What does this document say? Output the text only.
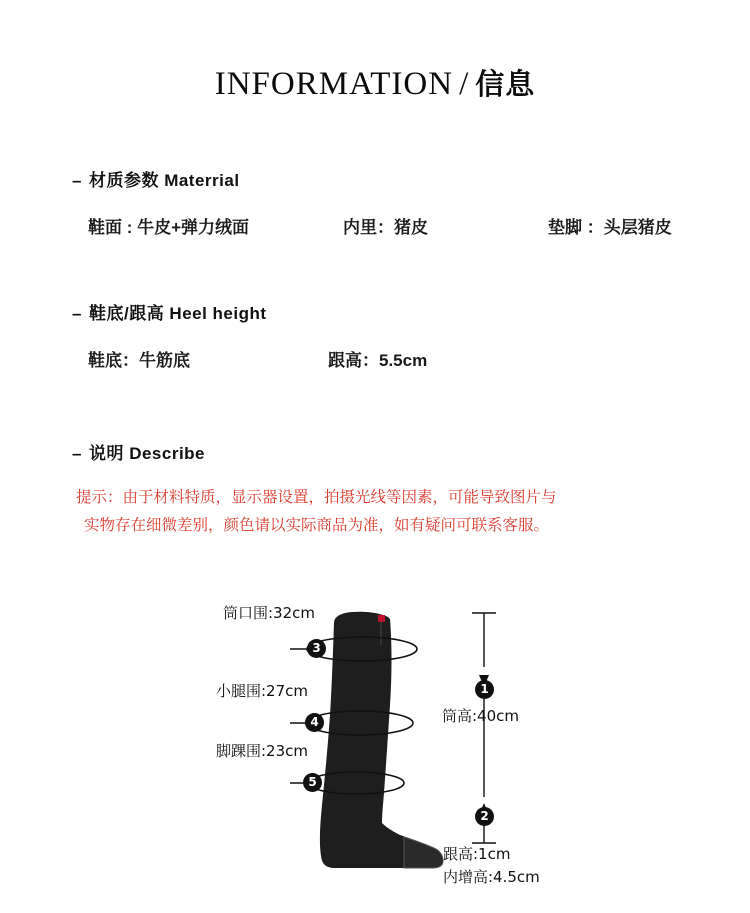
INFORMATION / 信息
– 材质参数 Materrial
鞋面 : 牛皮+弹力绒面	内里：猪皮	垫脚 ：头层猪皮
– 鞋底/跟高 Heel height
鞋底：牛筋底	跟高：5.5cm
– 说明 Describe
提示：由于材料特质，显示器设置，拍摄光线等因素，可能导致图片与
实物存在细微差别，颜色请以实际商品为准，如有疑问可联系客服。
筒口围:32cm
3
小腿围:27cm
4
脚踝围:23cm
5
1
筒高:40cm
2
跟高:1cm
内增高:4.5cm
